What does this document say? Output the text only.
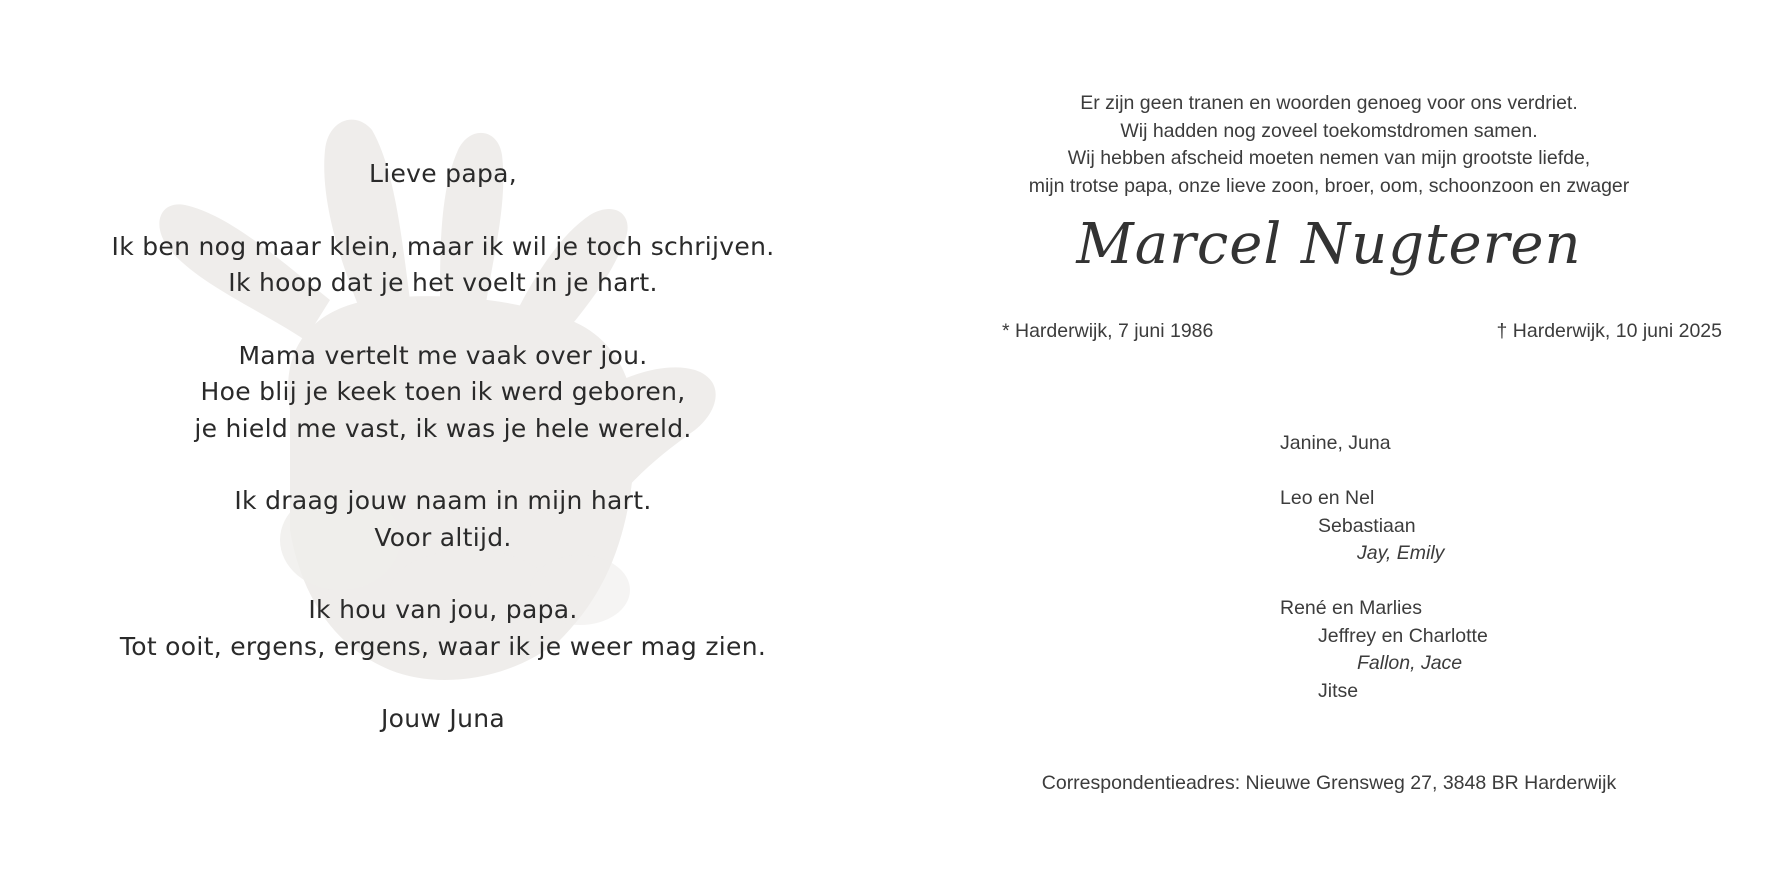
Lieve papa,
Ik ben nog maar klein, maar ik wil je toch schrijven.
Ik hoop dat je het voelt in je hart.
Mama vertelt me vaak over jou.
Hoe blij je keek toen ik werd geboren,
je hield me vast, ik was je hele wereld.
Ik draag jouw naam in mijn hart.
Voor altijd.
Ik hou van jou, papa.
Tot ooit, ergens, ergens, waar ik je weer mag zien.
Jouw Juna
Er zijn geen tranen en woorden genoeg voor ons verdriet.
Wij hadden nog zoveel toekomstdromen samen.
Wij hebben afscheid moeten nemen van mijn grootste liefde,
mijn trotse papa, onze lieve zoon, broer, oom, schoonzoon en zwager
Marcel Nugteren
* Harderwijk, 7 juni 1986	† Harderwijk, 10 juni 2025
Janine, Juna
Leo en Nel
Sebastiaan
Jay, Emily
René en Marlies
Jeffrey en Charlotte
Fallon, Jace
Jitse
Correspondentieadres: Nieuwe Grensweg 27, 3848 BR Harderwijk
